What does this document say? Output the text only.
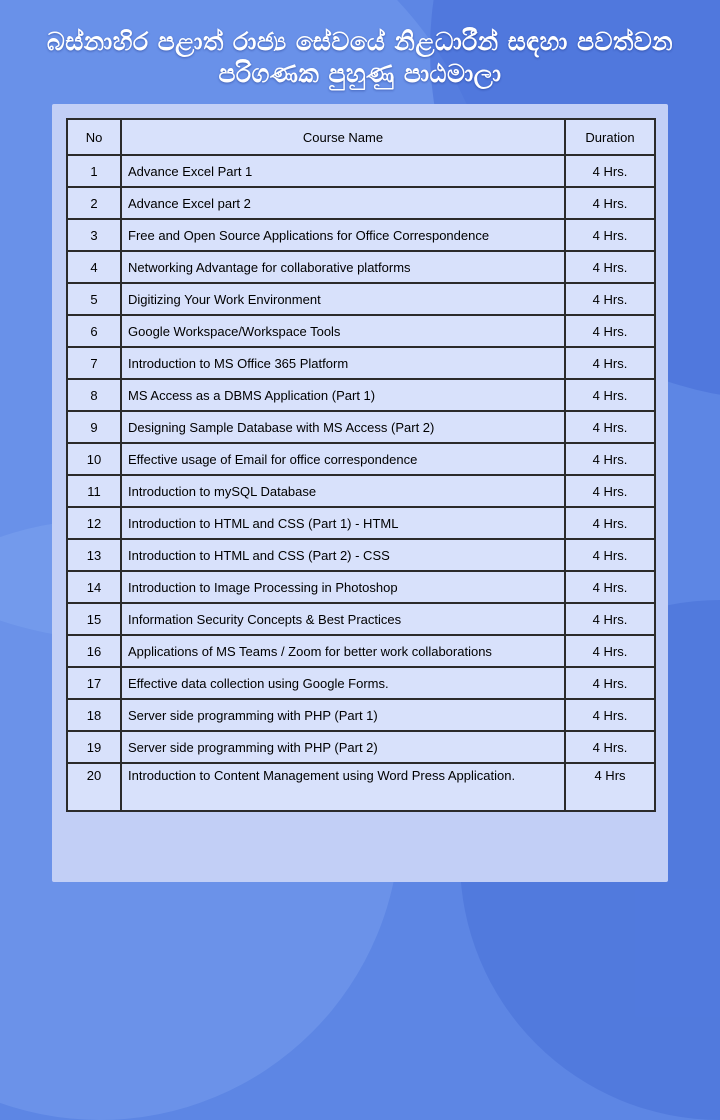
බස්නාහිර පළාත් රාජ්‍ය සේවයේ නිළධාරීන් සඳහා පවත්වන
පරිගණක පුහුණු පාඨමාලා
No	Course Name	Duration
1	Advance Excel Part 1	4 Hrs.
2	Advance Excel part 2	4 Hrs.
3	Free and Open Source Applications for Office Correspondence	4 Hrs.
4	Networking Advantage for collaborative platforms	4 Hrs.
5	Digitizing Your Work Environment	4 Hrs.
6	Google Workspace/Workspace Tools	4 Hrs.
7	Introduction to MS Office 365 Platform	4 Hrs.
8	MS Access as a DBMS Application (Part 1)	4 Hrs.
9	Designing Sample Database with MS Access (Part 2)	4 Hrs.
10	Effective usage of Email for office correspondence	4 Hrs.
11	Introduction to mySQL Database	4 Hrs.
12	Introduction to HTML and CSS (Part 1) - HTML	4 Hrs.
13	Introduction to HTML and CSS (Part 2) - CSS	4 Hrs.
14	Introduction to Image Processing in Photoshop	4 Hrs.
15	Information Security Concepts & Best Practices	4 Hrs.
16	Applications of MS Teams / Zoom for better work collaborations	4 Hrs.
17	Effective data collection using Google Forms.	4 Hrs.
18	Server side programming with PHP (Part 1)	4 Hrs.
19	Server side programming with PHP (Part 2)	4 Hrs.
20	Introduction to Content Management using Word Press Application.	4 Hrs
